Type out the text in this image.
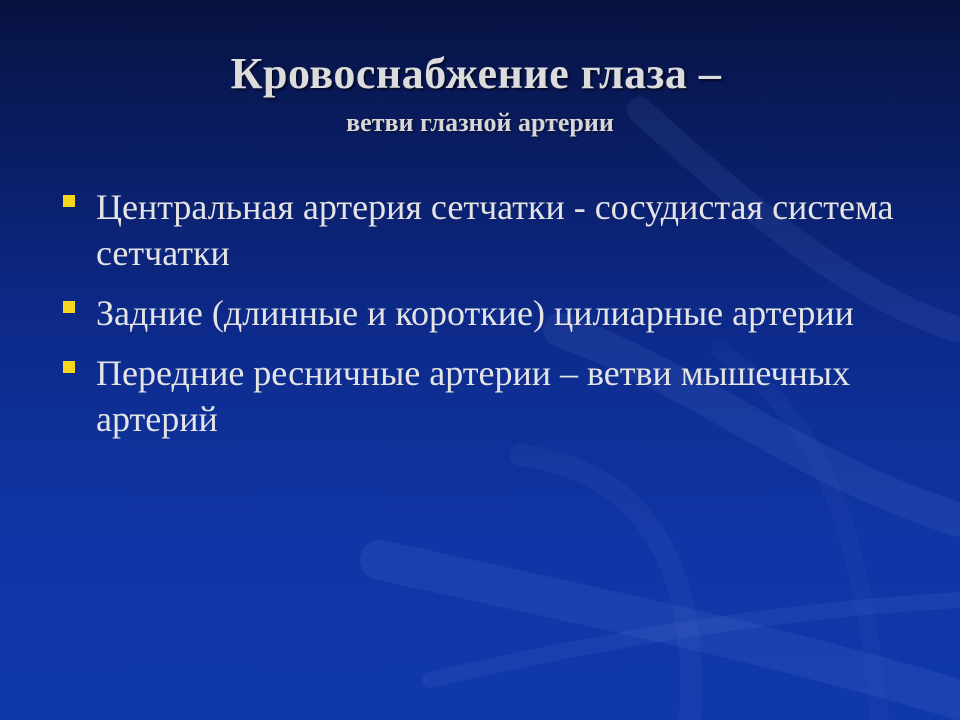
Кровоснабжение глаза –
ветви глазной артерии
Центральная артерия сетчатки - сосудистая система сетчатки
Задние (длинные и короткие) цилиарные артерии
Передние ресничные артерии – ветви мышечных артерий
